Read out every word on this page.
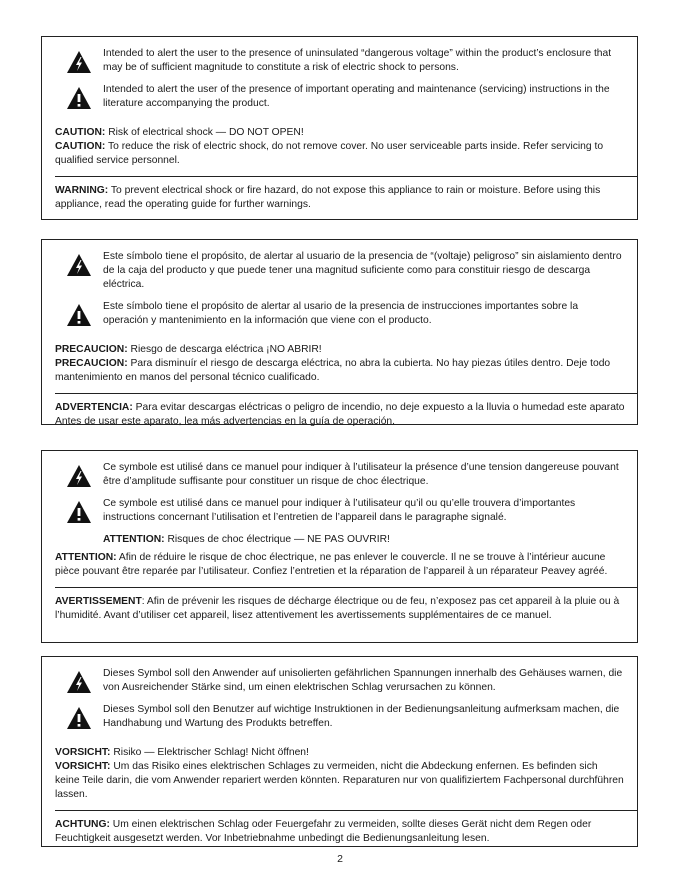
Intended to alert the user to the presence of uninsulated “dangerous voltage” within the product’s enclosure that may be of sufficient magnitude to constitute a risk of electric shock to persons.
Intended to alert the user of the presence of important operating and maintenance (servicing) instructions in the literature accompanying the product.

CAUTION: Risk of electrical shock — DO NOT OPEN!

CAUTION: To reduce the risk of electric shock, do not remove cover. No user serviceable parts inside. Refer servicing to qualified service personnel.

WARNING: To prevent electrical shock or fire hazard, do not expose this appliance to rain or moisture. Before using this appliance, read the operating guide for further warnings.

Este símbolo tiene el propósito, de alertar al usuario de la presencia de “(voltaje) peligroso” sin aislamiento dentro de la caja del producto y que puede tener una magnitud suficiente como para constituir riesgo de descarga eléctrica.
Este símbolo tiene el propósito de alertar al usario de la presencia de instrucciones importantes sobre la operación y mantenimiento en la información que viene con el producto.

PRECAUCION: Riesgo de descarga eléctrica ¡NO ABRIR!

PRECAUCION: Para disminuír el riesgo de descarga eléctrica, no abra la cubierta. No hay piezas útiles dentro. Deje todo mantenimiento en manos del personal técnico cualificado.

ADVERTENCIA: Para evitar descargas eléctricas o peligro de incendio, no deje expuesto a la lluvia o humedad este aparato Antes de usar este aparato, lea más advertencias en la guía de operación.

Ce symbole est utilisé dans ce manuel pour indiquer à l’utilisateur la présence d’une tension dangereuse pouvant être d’amplitude suffisante pour constituer un risque de choc électrique.
Ce symbole est utilisé dans ce manuel pour indiquer à l’utilisateur qu’il ou qu’elle trouvera d’importantes instructions concernant l’utilisation et l’entretien de l’appareil dans le paragraphe signalé.

ATTENTION: Risques de choc électrique — NE PAS OUVRIR!

ATTENTION: Afin de réduire le risque de choc électrique, ne pas enlever le couvercle. Il ne se trouve à l’intérieur aucune pièce pouvant être reparée par l’utilisateur. Confiez l’entretien et la réparation de l’appareil à un réparateur Peavey agréé.

AVERTISSEMENT: Afin de prévenir les risques de décharge électrique ou de feu, n’exposez pas cet appareil à la pluie ou à l’humidité. Avant d’utiliser cet appareil, lisez attentivement les avertissements supplémentaires de ce manuel.

Dieses Symbol soll den Anwender auf unisolierten gefährlichen Spannungen innerhalb des Gehäuses warnen, die von Ausreichender Stärke sind, um einen elektrischen Schlag verursachen zu können.
Dieses Symbol soll den Benutzer auf wichtige Instruktionen in der Bedienungsanleitung aufmerksam machen, die Handhabung und Wartung des Produkts betreffen.

VORSICHT: Risiko — Elektrischer Schlag! Nicht öffnen!

VORSICHT: Um das Risiko eines elektrischen Schlages zu vermeiden, nicht die Abdeckung enfernen. Es befinden sich keine Teile darin, die vom Anwender repariert werden könnten. Reparaturen nur von qualifiziertem Fachpersonal durchführen lassen.

ACHTUNG: Um einen elektrischen Schlag oder Feuergefahr zu vermeiden, sollte dieses Gerät nicht dem Regen oder Feuchtigkeit ausgesetzt werden. Vor Inbetriebnahme unbedingt die Bedienungsanleitung lesen.

2
